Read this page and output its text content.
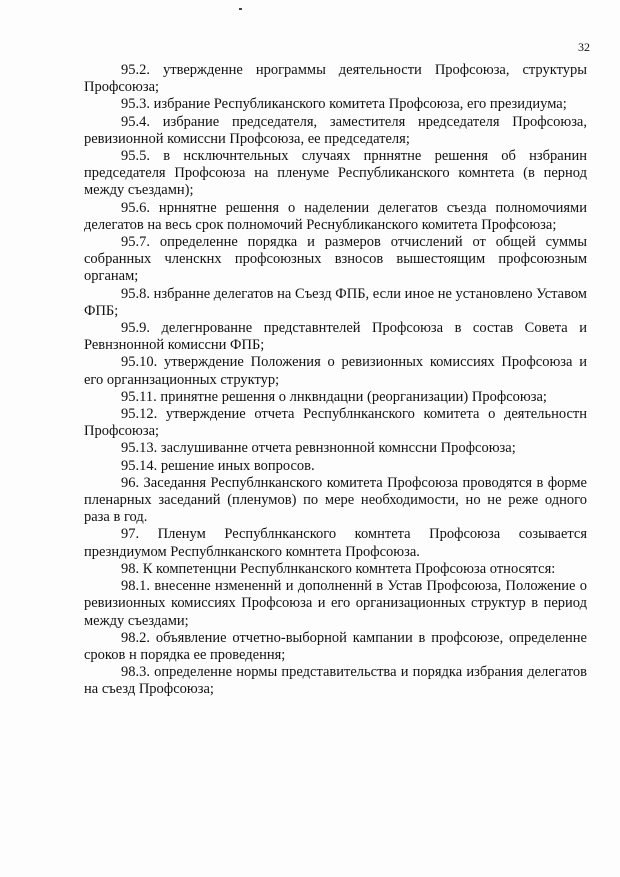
32

95.2. утвержденне нрограммы деятельности Профсоюза, структуры Профсоюза;

95.3. избрание Республиканского комитета Профсоюза, его президиума;

95.4. избрание председателя, заместителя нредседателя Профсоюза, ревизионной комиссни Профсоюза, ее председателя;

95.5. в нсключнтельных случаях прннятне решення об нзбранин председателя Профсоюза на пленуме Республиканского комнтета (в пернод между съездамн);

95.6. нрннятне решення о наделении делегатов съезда полномочиями делегатов на весь срок полномочий Реснубликанского комитета Профсоюза;

95.7. определенне порядка и размеров отчислений от общей суммы собранных членскнх профсоюзных взносов вышестоящим профсоюзным органам;

95.8. нзбранне делегатов на Съезд ФПБ, если иное не установлено Уставом ФПБ;

95.9. делегнрованне представнтелей Профсоюза в состав Совета и Ревнзнонной комиссни ФПБ;

95.10. утверждение Положения о ревизионных комиссиях Профсоюза и его органнзационных структур;

95.11. принятне решення о лнквндацни (реорганизации) Профсоюза;

95.12. утверждение отчета Республнканского комитета о деятельностн Профсоюза;

95.13. заслушиванне отчета ревнзнонной комнссни Профсоюза;

95.14. решение иных вопросов.

96. Заседання Республнканского комитета Профсоюза проводятся в форме пленарных заседаний (пленумов) по мере необходимости, но не реже одного раза в год.

97. Пленум Республнканского комнтета Профсоюза созывается презндиумом Республнканского комнтета Профсоюза.

98. К компетенцни Республнканского комнтета Профсоюза относятся:

98.1. внесенне нзмененнй и дополненнй в Устав Профсоюза, Положение о ревизионных комиссиях Профсоюза и его организационных структур в период между съездами;

98.2. объявление отчетно-выборной кампании в профсоюзе, определенне сроков н порядка ее проведення;

98.3. определенне нормы представительства и порядка избрания делегатов на съезд Профсоюза;
